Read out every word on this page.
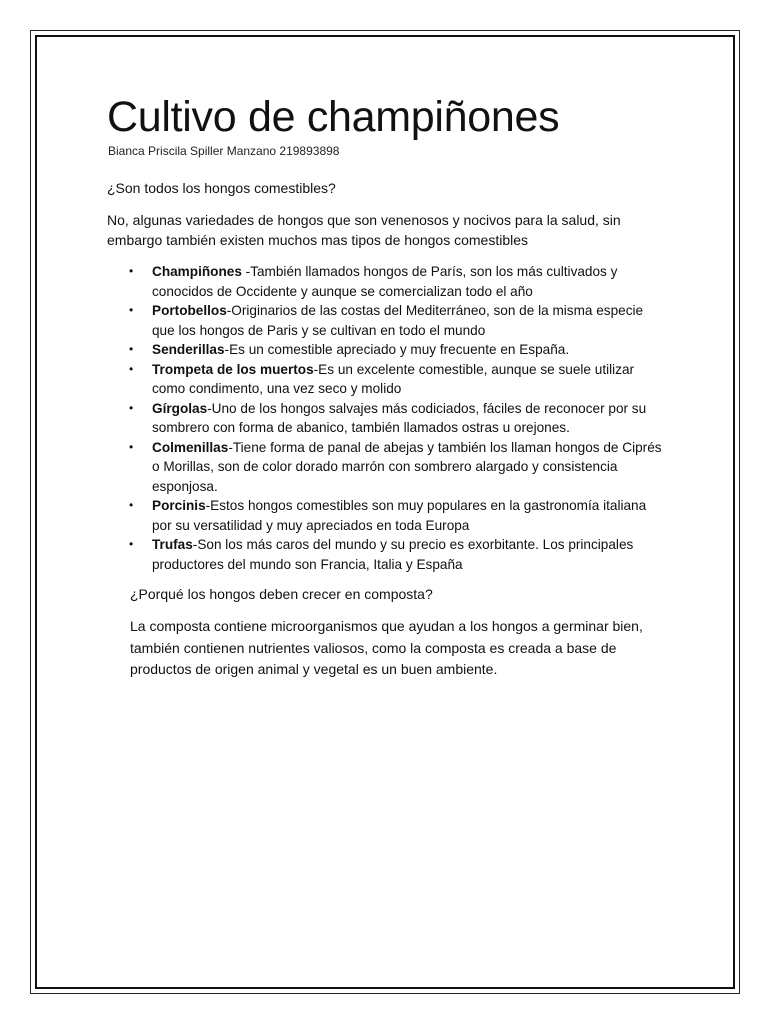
Cultivo de champiñones

Bianca Priscila Spiller Manzano 219893898

¿Son todos los hongos comestibles?

No, algunas variedades de hongos que son venenosos y nocivos para la salud, sin embargo también existen muchos mas tipos de hongos comestibles

• Champiñones -También llamados hongos de París, son los más cultivados y conocidos de Occidente y aunque se comercializan todo el año
• Portobellos-Originarios de las costas del Mediterráneo, son de la misma especie que los hongos de Paris y se cultivan en todo el mundo
• Senderillas-Es un comestible apreciado y muy frecuente en España.
• Trompeta de los muertos-Es un excelente comestible, aunque se suele utilizar como condimento, una vez seco y molido
• Gírgolas-Uno de los hongos salvajes más codiciados, fáciles de reconocer por su sombrero con forma de abanico, también llamados ostras u orejones.
• Colmenillas-Tiene forma de panal de abejas y también los llaman hongos de Ciprés o Morillas, son de color dorado marrón con sombrero alargado y consistencia esponjosa.
• Porcinis-Estos hongos comestibles son muy populares en la gastronomía italiana por su versatilidad y muy apreciados en toda Europa
• Trufas-Son los más caros del mundo y su precio es exorbitante. Los principales productores del mundo son Francia, Italia y España

¿Porqué los hongos deben crecer en composta?

La composta contiene microorganismos que ayudan a los hongos a germinar bien, también contienen nutrientes valiosos, como la composta es creada a base de productos de origen animal y vegetal es un buen ambiente.
